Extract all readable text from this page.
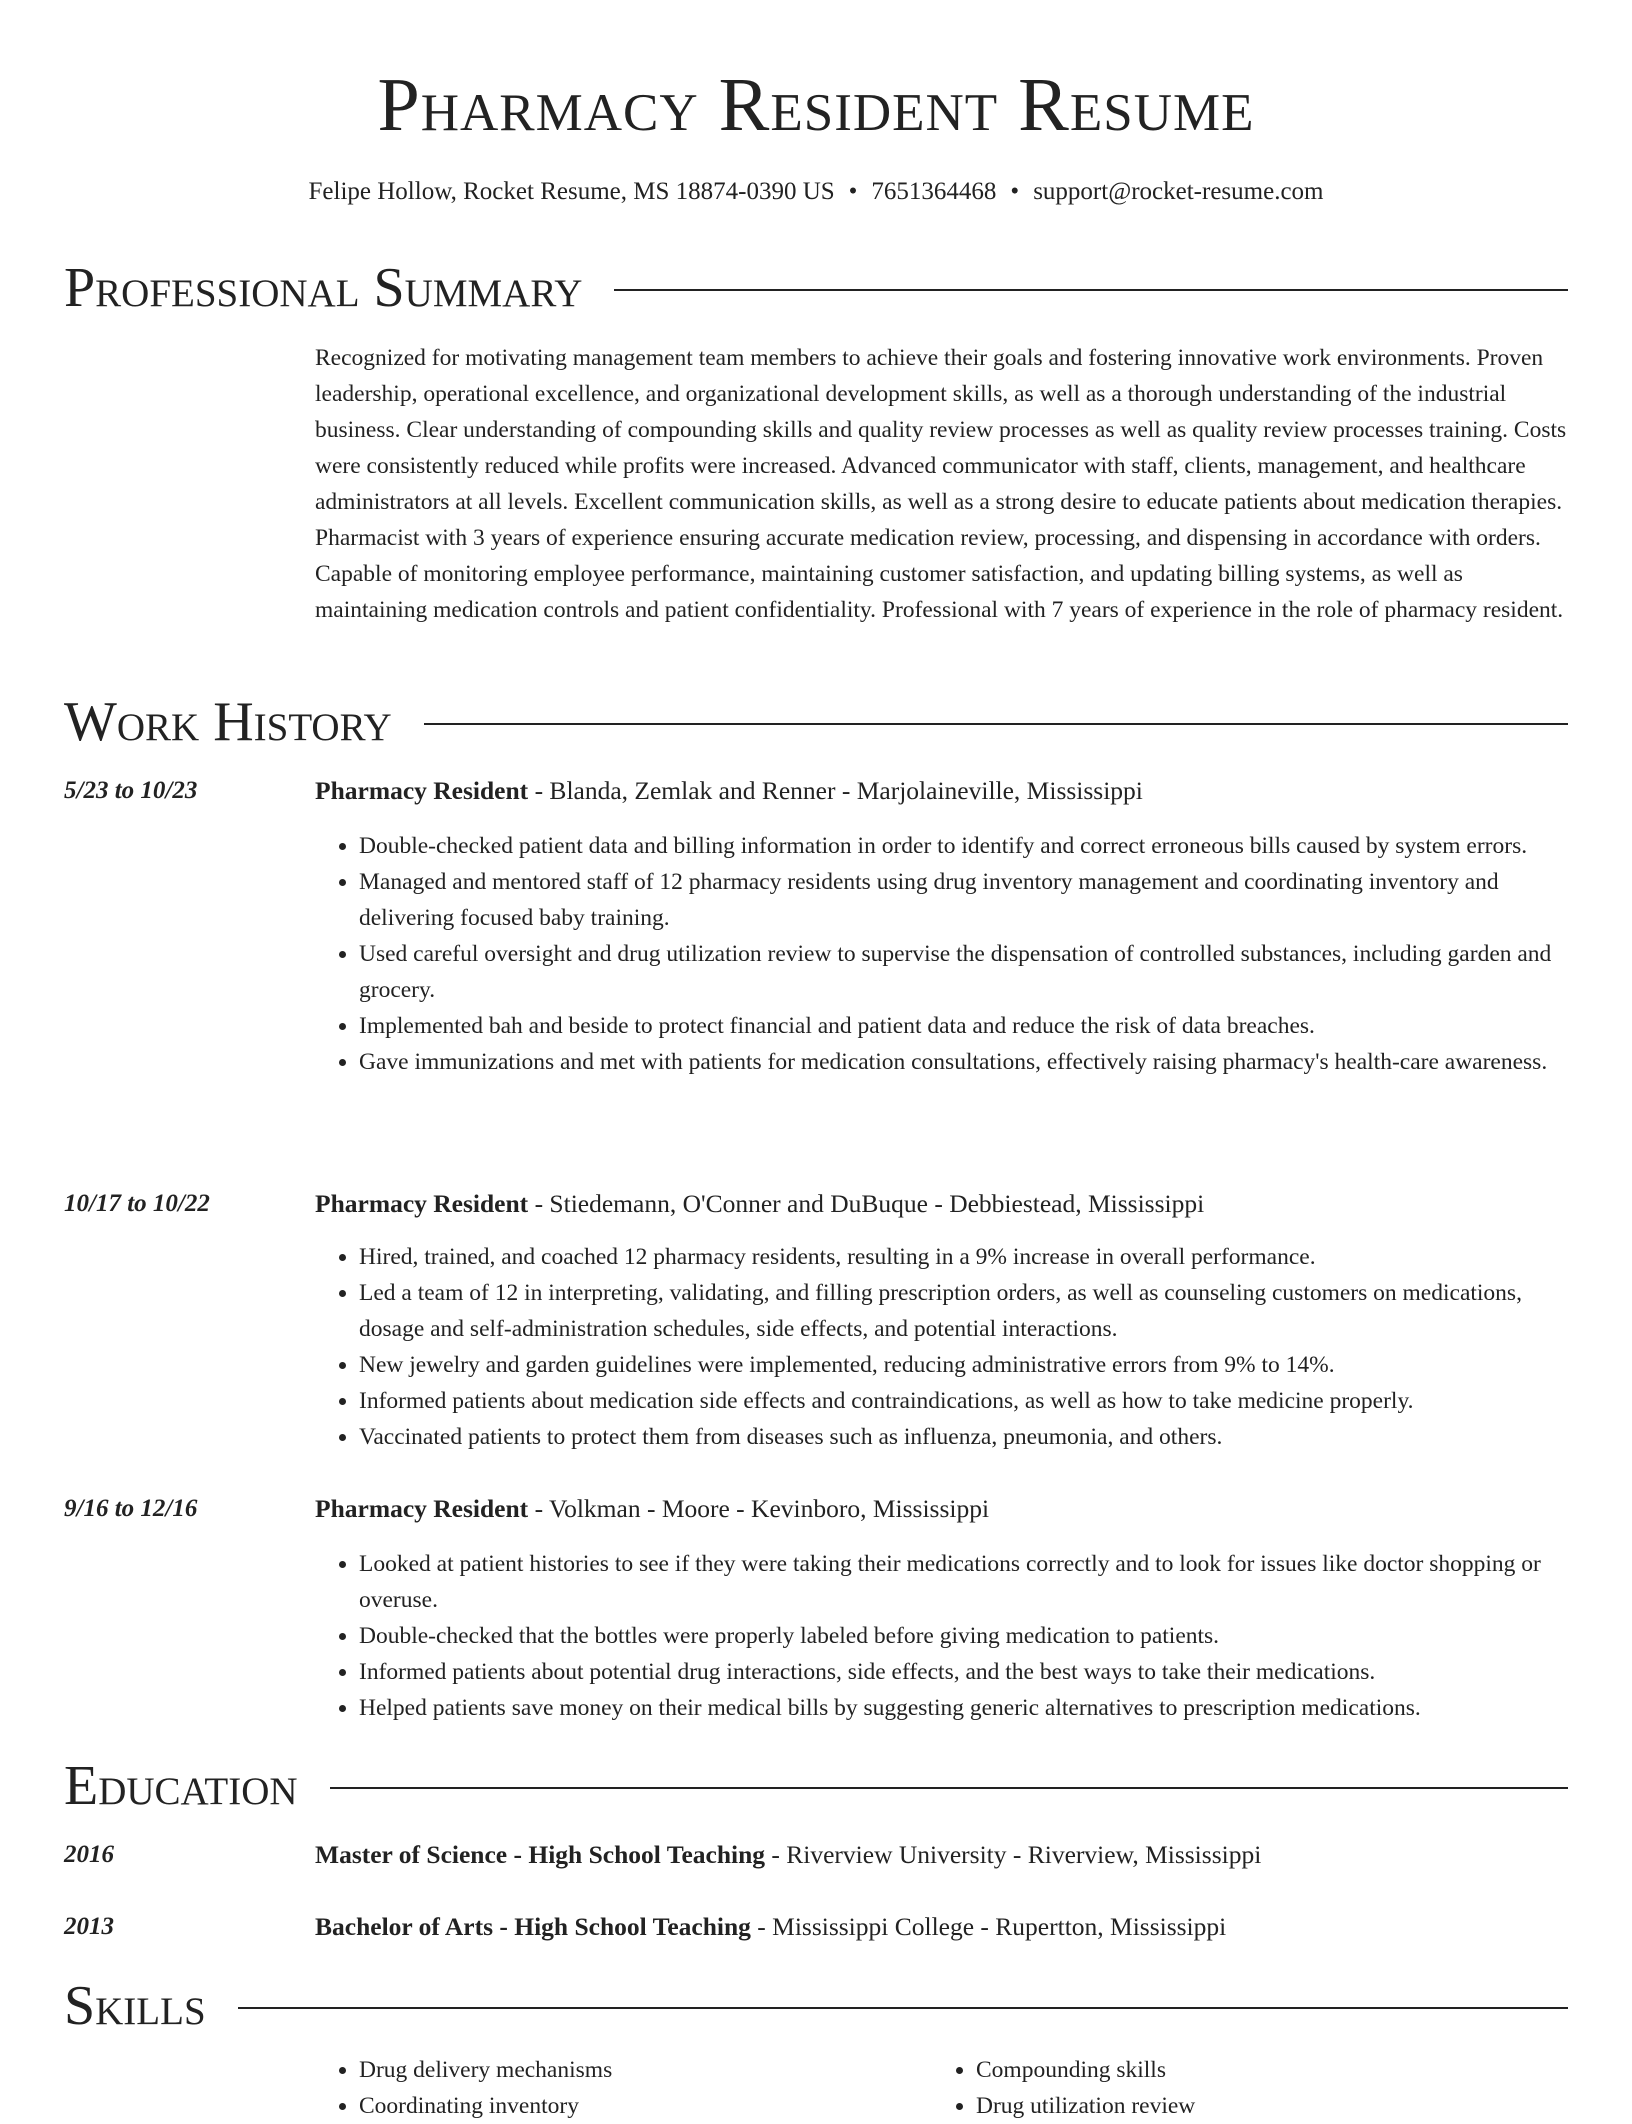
Pharmacy Resident Resume
Felipe Hollow, Rocket Resume, MS 18874-0390 US • 7651364468 • support@rocket-resume.com
Professional Summary

Recognized for motivating management team members to achieve their goals and fostering innovative work environments. Proven leadership, operational excellence, and organizational development skills, as well as a thorough understanding of the industrial business. Clear understanding of compounding skills and quality review processes as well as quality review processes training. Costs were consistently reduced while profits were increased. Advanced communicator with staff, clients, management, and healthcare administrators at all levels. Excellent communication skills, as well as a strong desire to educate patients about medication therapies. Pharmacist with 3 years of experience ensuring accurate medication review, processing, and dispensing in accordance with orders. Capable of monitoring employee performance, maintaining customer satisfaction, and updating billing systems, as well as maintaining medication controls and patient confidentiality. Professional with 7 years of experience in the role of pharmacy resident.

Work History
5/23 to 10/23	Pharmacy Resident - Blanda, Zemlak and Renner - Marjolaineville, Mississippi
• Double-checked patient data and billing information in order to identify and correct erroneous bills caused by system errors.
• Managed and mentored staff of 12 pharmacy residents using drug inventory management and coordinating inventory and delivering focused baby training.
• Used careful oversight and drug utilization review to supervise the dispensation of controlled substances, including garden and grocery.
• Implemented bah and beside to protect financial and patient data and reduce the risk of data breaches.
• Gave immunizations and met with patients for medication consultations, effectively raising pharmacy's health-care awareness.
10/17 to 10/22	Pharmacy Resident - Stiedemann, O'Conner and DuBuque - Debbiestead, Mississippi
• Hired, trained, and coached 12 pharmacy residents, resulting in a 9% increase in overall performance.
• Led a team of 12 in interpreting, validating, and filling prescription orders, as well as counseling customers on medications, dosage and self-administration schedules, side effects, and potential interactions.
• New jewelry and garden guidelines were implemented, reducing administrative errors from 9% to 14%.
• Informed patients about medication side effects and contraindications, as well as how to take medicine properly.
• Vaccinated patients to protect them from diseases such as influenza, pneumonia, and others.
9/16 to 12/16	Pharmacy Resident - Volkman - Moore - Kevinboro, Mississippi
• Looked at patient histories to see if they were taking their medications correctly and to look for issues like doctor shopping or overuse.
• Double-checked that the bottles were properly labeled before giving medication to patients.
• Informed patients about potential drug interactions, side effects, and the best ways to take their medications.
• Helped patients save money on their medical bills by suggesting generic alternatives to prescription medications.
Education
2016	Master of Science - High School Teaching - Riverview University - Riverview, Mississippi
2013	Bachelor of Arts - High School Teaching - Mississippi College - Rupertton, Mississippi
Skills
• Drug delivery mechanisms
• Coordinating inventory
• Compounding skills
• Drug utilization review
